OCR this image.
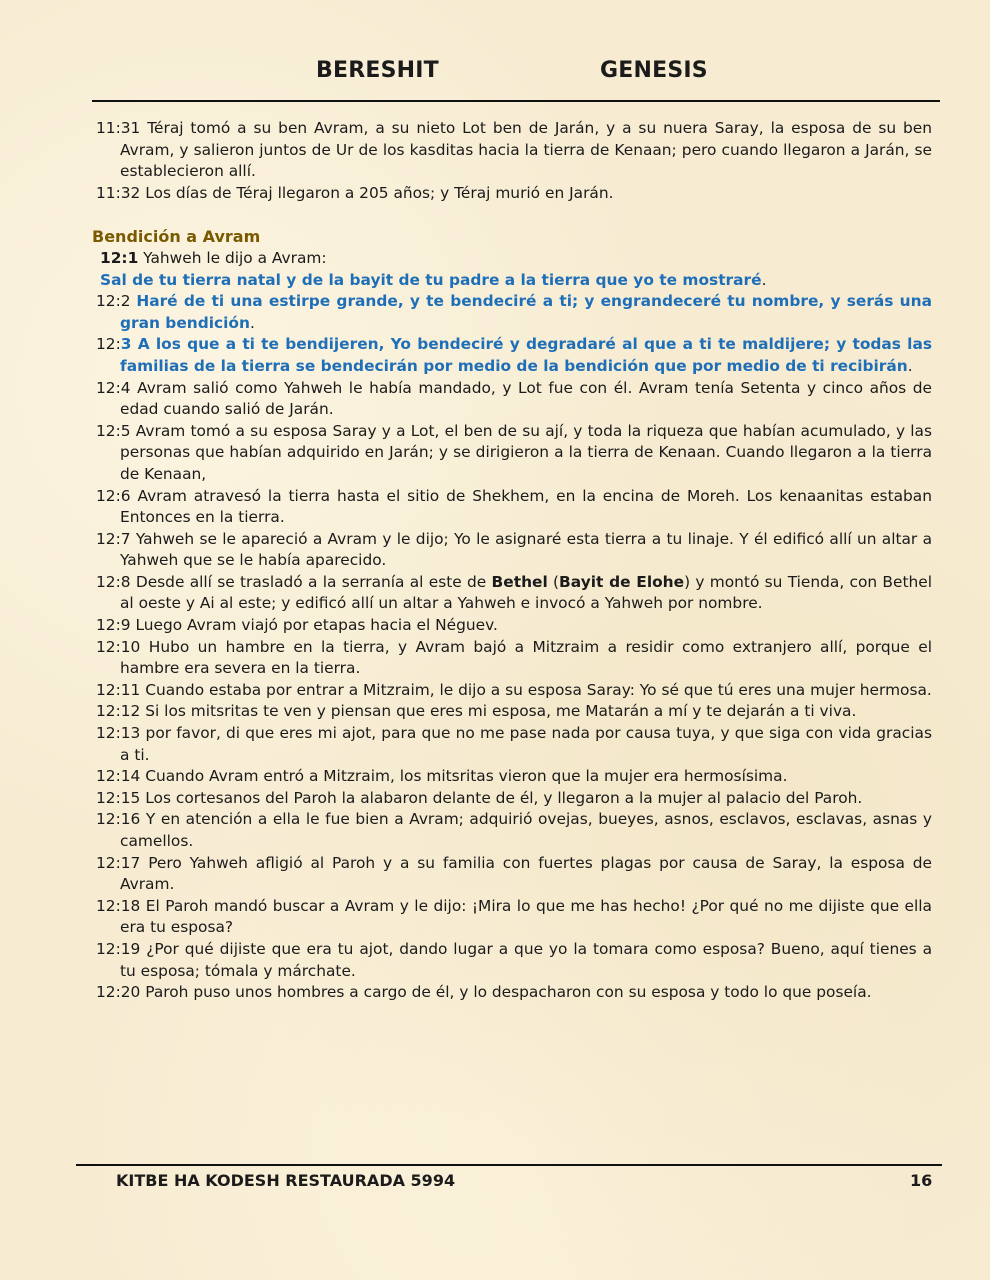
BERESHIT	GENESIS
11:31 Téraj tomó a su ben Avram, a su nieto Lot ben de Jarán, y a su nuera Saray, la esposa de su ben Avram, y salieron juntos de Ur de los kasditas hacia la tierra de Kenaan; pero cuando llegaron a Jarán, se establecieron allí.
11:32 Los días de Téraj llegaron a 205 años; y Téraj murió en Jarán.
Bendición a Avram
12:1 Yahweh le dijo a Avram:
Sal de tu tierra natal y de la bayit de tu padre a la tierra que yo te mostraré.
12:2 Haré de ti una estirpe grande, y te bendeciré a ti; y engrandeceré tu nombre, y serás una gran bendición.
12:3 A los que a ti te bendijeren, Yo bendeciré y degradaré al que a ti te maldijere; y todas las familias de la tierra se bendecirán por medio de la bendición que por medio de ti recibirán.
12:4 Avram salió como Yahweh le había mandado, y Lot fue con él. Avram tenía Setenta y cinco años de edad cuando salió de Jarán.
12:5 Avram tomó a su esposa Saray y a Lot, el ben de su ají, y toda la riqueza que habían acumulado, y las personas que habían adquirido en Jarán; y se dirigieron a la tierra de Kenaan. Cuando llegaron a la tierra de Kenaan,
12:6 Avram atravesó la tierra hasta el sitio de Shekhem, en la encina de Moreh. Los kenaanitas estaban Entonces en la tierra.
12:7 Yahweh se le apareció a Avram y le dijo; Yo le asignaré esta tierra a tu linaje. Y él edificó allí un altar a Yahweh que se le había aparecido.
12:8 Desde allí se trasladó a la serranía al este de Bethel (Bayit de Elohe) y montó su Tienda, con Bethel al oeste y Ai al este; y edificó allí un altar a Yahweh e invocó a Yahweh por nombre.
12:9 Luego Avram viajó por etapas hacia el Néguev.
12:10 Hubo un hambre en la tierra, y Avram bajó a Mitzraim a residir como extranjero allí, porque el hambre era severa en la tierra.
12:11 Cuando estaba por entrar a Mitzraim, le dijo a su esposa Saray: Yo sé que tú eres una mujer hermosa.
12:12 Si los mitsritas te ven y piensan que eres mi esposa, me Matarán a mí y te dejarán a ti viva.
12:13 por favor, di que eres mi ajot, para que no me pase nada por causa tuya, y que siga con vida gracias a ti.
12:14 Cuando Avram entró a Mitzraim, los mitsritas vieron que la mujer era hermosísima.
12:15 Los cortesanos del Paroh la alabaron delante de él, y llegaron a la mujer al palacio del Paroh.
12:16 Y en atención a ella le fue bien a Avram; adquirió ovejas, bueyes, asnos, esclavos, esclavas, asnas y camellos.
12:17 Pero Yahweh afligió al Paroh y a su familia con fuertes plagas por causa de Saray, la esposa de Avram.
12:18 El Paroh mandó buscar a Avram y le dijo: ¡Mira lo que me has hecho! ¿Por qué no me dijiste que ella era tu esposa?
12:19 ¿Por qué dijiste que era tu ajot, dando lugar a que yo la tomara como esposa? Bueno, aquí tienes a tu esposa; tómala y márchate.
12:20 Paroh puso unos hombres a cargo de él, y lo despacharon con su esposa y todo lo que poseía.
KITBE HA KODESH RESTAURADA 5994	16
